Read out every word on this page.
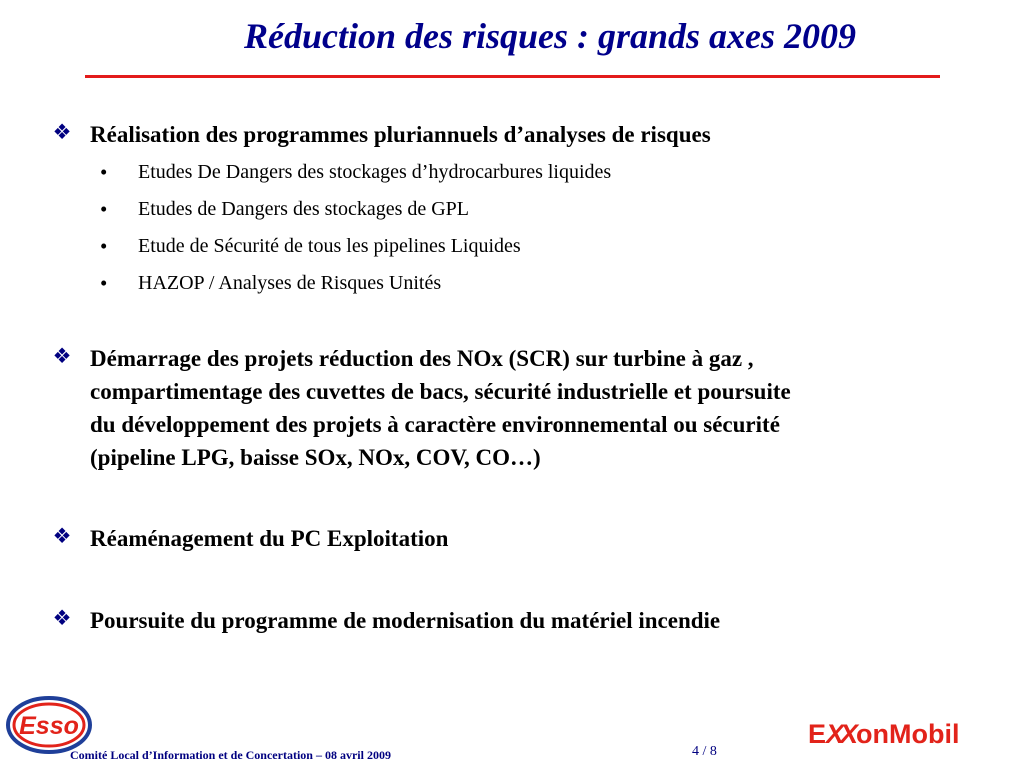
Réduction des risques : grands axes 2009
❖ Réalisation des programmes pluriannuels d’analyses de risques
• Etudes De Dangers des stockages d’hydrocarbures liquides
• Etudes de Dangers des stockages de GPL
• Etude de Sécurité de tous les pipelines Liquides
• HAZOP / Analyses de Risques Unités
❖ Démarrage des projets réduction des NOx (SCR) sur turbine à gaz ,
compartimentage des cuvettes de bacs, sécurité industrielle et poursuite
du développement des projets à caractère environnemental ou sécurité
(pipeline LPG, baisse SOx, NOx, COV, CO…)
❖ Réaménagement du PC Exploitation
❖ Poursuite du programme de modernisation du matériel incendie
Esso
Comité Local d’Information et de Concertation – 08 avril 2009	4 / 8
EXXonMobil
